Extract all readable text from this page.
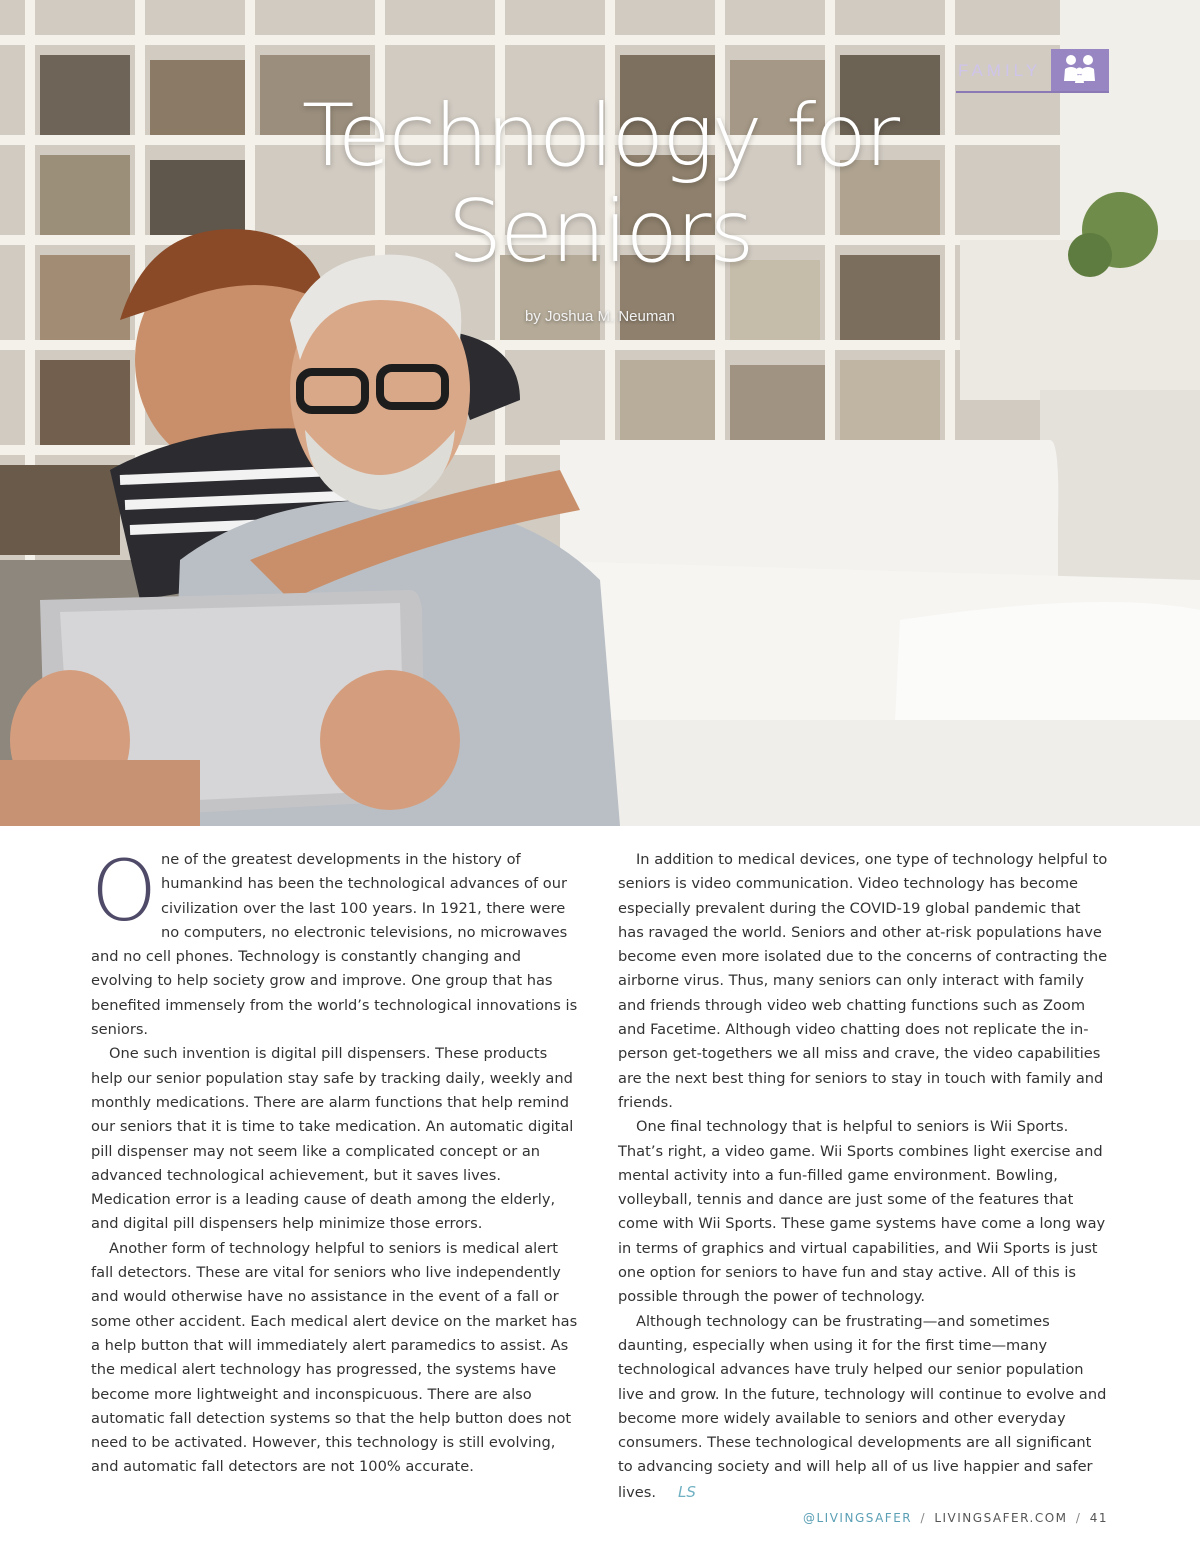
FAMILY
Technology for
Seniors
by Joshua M. Neuman

One of the greatest developments in the history of humankind has been the technological advances of our civilization over the last 100 years. In 1921, there were no computers, no electronic televisions, no microwaves and no cell phones. Technology is constantly changing and evolving to help society grow and improve. One group that has benefited immensely from the world’s technological innovations is seniors.

One such invention is digital pill dispensers. These products help our senior population stay safe by tracking daily, weekly and monthly medications. There are alarm functions that help remind our seniors that it is time to take medication. An automatic digital pill dispenser may not seem like a complicated concept or an advanced technological achievement, but it saves lives. Medication error is a leading cause of death among the elderly, and digital pill dispensers help minimize those errors.

Another form of technology helpful to seniors is medical alert fall detectors. These are vital for seniors who live independently and would otherwise have no assistance in the event of a fall or some other accident. Each medical alert device on the market has a help button that will immediately alert paramedics to assist. As the medical alert technology has progressed, the systems have become more lightweight and inconspicuous. There are also automatic fall detection systems so that the help button does not need to be activated. However, this technology is still evolving, and automatic fall detectors are not 100% accurate.

In addition to medical devices, one type of technology helpful to seniors is video communication. Video technology has become especially prevalent during the COVID-19 global pandemic that has ravaged the world. Seniors and other at-risk populations have become even more isolated due to the concerns of contracting the airborne virus. Thus, many seniors can only interact with family and friends through video web chatting functions such as Zoom and Facetime. Although video chatting does not replicate the in-person get-togethers we all miss and crave, the video capabilities are the next best thing for seniors to stay in touch with family and friends.

One final technology that is helpful to seniors is Wii Sports. That’s right, a video game. Wii Sports combines light exercise and mental activity into a fun-filled game environment. Bowling, volleyball, tennis and dance are just some of the features that come with Wii Sports. These game systems have come a long way in terms of graphics and virtual capabilities, and Wii Sports is just one option for seniors to have fun and stay active. All of this is possible through the power of technology.

Although technology can be frustrating—and sometimes daunting, especially when using it for the first time—many technological advances have truly helped our senior population live and grow. In the future, technology will continue to evolve and become more widely available to seniors and other everyday consumers. These technological developments are all significant to advancing society and will help all of us live happier and safer lives. LS

@LIVINGSAFER / LIVINGSAFER.COM / 41
